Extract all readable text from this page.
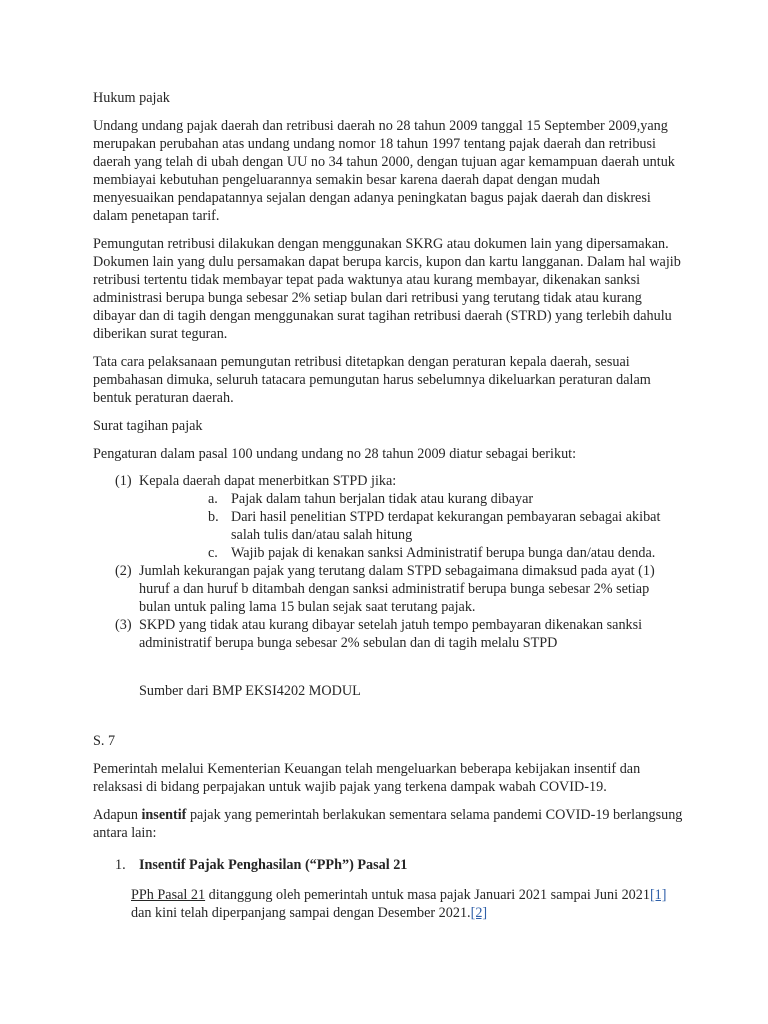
Hukum pajak

Undang undang pajak daerah dan retribusi daerah no 28 tahun 2009 tanggal 15 September 2009,yang merupakan perubahan atas undang undang nomor 18 tahun 1997 tentang pajak daerah dan retribusi daerah yang telah di ubah dengan UU no 34 tahun 2000, dengan tujuan agar kemampuan daerah untuk membiayai kebutuhan pengeluarannya semakin besar karena daerah dapat dengan mudah menyesuaikan pendapatannya sejalan dengan adanya peningkatan bagus pajak daerah dan diskresi dalam penetapan tarif.

Pemungutan retribusi dilakukan dengan menggunakan SKRG atau dokumen lain yang dipersamakan. Dokumen lain yang dulu persamakan dapat berupa karcis, kupon dan kartu langganan. Dalam hal wajib retribusi tertentu tidak membayar tepat pada waktunya atau kurang membayar, dikenakan sanksi administrasi berupa bunga sebesar 2% setiap bulan dari retribusi yang terutang tidak atau kurang dibayar dan di tagih dengan menggunakan surat tagihan retribusi daerah (STRD) yang terlebih dahulu diberikan surat teguran.

Tata cara pelaksanaan pemungutan retribusi ditetapkan dengan peraturan kepala daerah, sesuai pembahasan dimuka, seluruh tatacara pemungutan harus sebelumnya dikeluarkan peraturan dalam bentuk peraturan daerah.

Surat tagihan pajak

Pengaturan dalam pasal 100 undang undang no 28 tahun 2009 diatur sebagai berikut:

(1) Kepala daerah dapat menerbitkan STPD jika:
a. Pajak dalam tahun berjalan tidak atau kurang dibayar
b. Dari hasil penelitian STPD terdapat kekurangan pembayaran sebagai akibat salah tulis dan/atau salah hitung
c. Wajib pajak di kenakan sanksi Administratif berupa bunga dan/atau denda.
(2) Jumlah kekurangan pajak yang terutang dalam STPD sebagaimana dimaksud pada ayat (1) huruf a dan huruf b ditambah dengan sanksi administratif berupa bunga sebesar 2% setiap bulan untuk paling lama 15 bulan sejak saat terutang pajak.
(3) SKPD yang tidak atau kurang dibayar setelah jatuh tempo pembayaran dikenakan sanksi administratif berupa bunga sebesar 2% sebulan dan di tagih melalu STPD

Sumber dari BMP EKSI4202 MODUL

S. 7

Pemerintah melalui Kementerian Keuangan telah mengeluarkan beberapa kebijakan insentif dan relaksasi di bidang perpajakan untuk wajib pajak yang terkena dampak wabah COVID-19.

Adapun insentif pajak yang pemerintah berlakukan sementara selama pandemi COVID-19 berlangsung antara lain:

1. Insentif Pajak Penghasilan (“PPh”) Pasal 21

PPh Pasal 21 ditanggung oleh pemerintah untuk masa pajak Januari 2021 sampai Juni 2021[1] dan kini telah diperpanjang sampai dengan Desember 2021.[2]
